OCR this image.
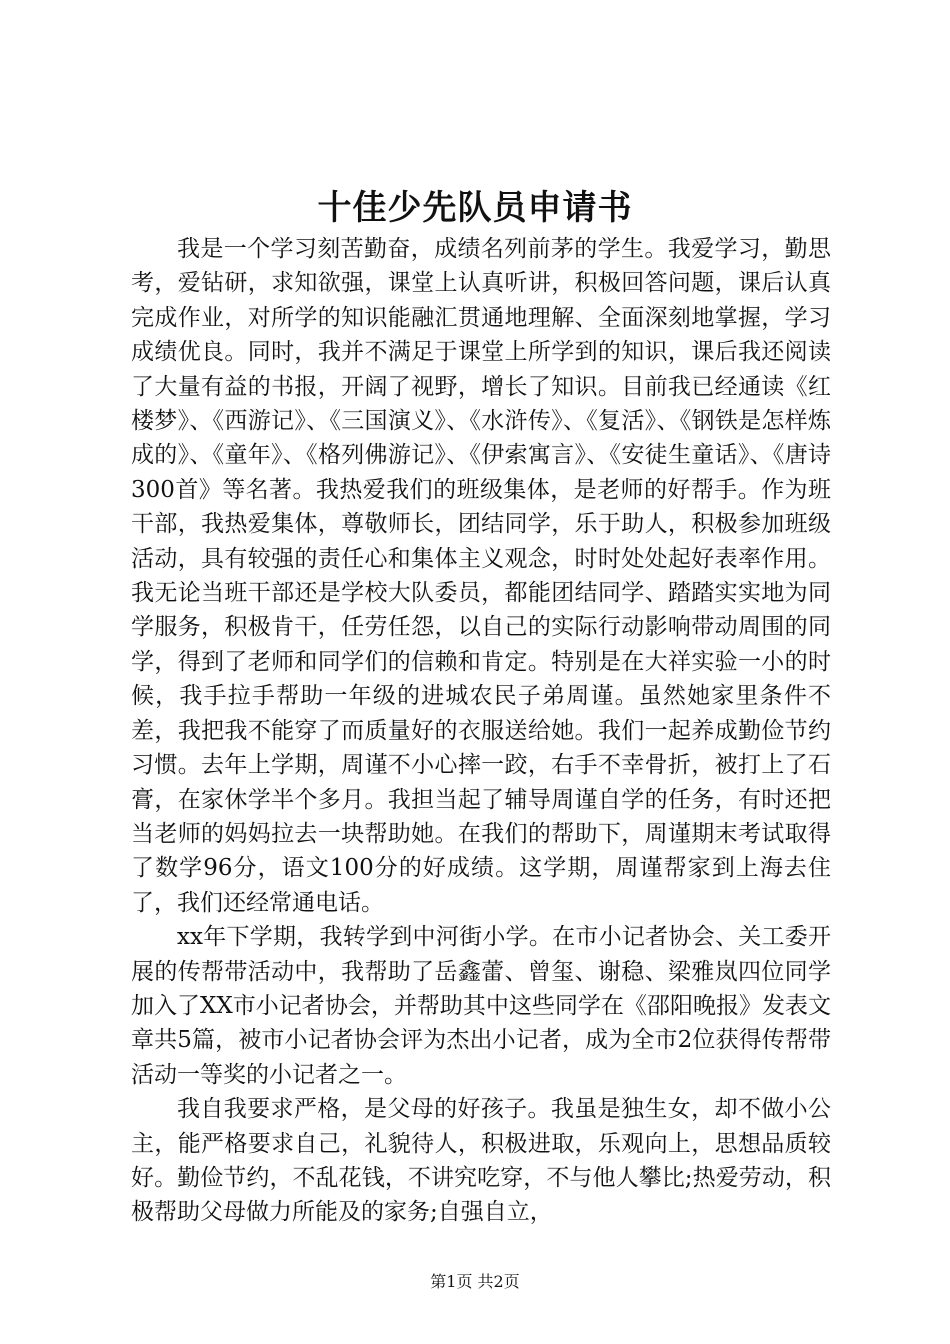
十佳少先队员申请书

我是一个学习刻苦勤奋，成绩名列前茅的学生。我爱学习，勤思考，爱钻研，求知欲强，课堂上认真听讲，积极回答问题，课后认真完成作业，对所学的知识能融汇贯通地理解、全面深刻地掌握，学习成绩优良。同时，我并不满足于课堂上所学到的知识，课后我还阅读了大量有益的书报，开阔了视野，增长了知识。目前我已经通读《红楼梦》、《西游记》、《三国演义》、《水浒传》、《复活》、《钢铁是怎样炼成的》、《童年》、《格列佛游记》、《伊索寓言》、《安徒生童话》、《唐诗300首》等名著。我热爱我们的班级集体，是老师的好帮手。作为班干部，我热爱集体，尊敬师长，团结同学，乐于助人，积极参加班级活动，具有较强的责任心和集体主义观念，时时处处起好表率作用。我无论当班干部还是学校大队委员，都能团结同学、踏踏实实地为同学服务，积极肯干，任劳任怨，以自己的实际行动影响带动周围的同学，得到了老师和同学们的信赖和肯定。特别是在大祥实验一小的时候，我手拉手帮助一年级的进城农民子弟周谨。虽然她家里条件不差，我把我不能穿了而质量好的衣服送给她。我们一起养成勤俭节约习惯。去年上学期，周谨不小心摔一跤，右手不幸骨折，被打上了石膏，在家休学半个多月。我担当起了辅导周谨自学的任务，有时还把当老师的妈妈拉去一块帮助她。在我们的帮助下，周谨期末考试取得了数学96分，语文100分的好成绩。这学期，周谨帮家到上海去住了，我们还经常通电话。

xx年下学期，我转学到中河街小学。在市小记者协会、关工委开展的传帮带活动中，我帮助了岳鑫蕾、曾玺、谢稳、梁雅岚四位同学加入了XX市小记者协会，并帮助其中这些同学在《邵阳晚报》发表文章共5篇，被市小记者协会评为杰出小记者，成为全市2位获得传帮带活动一等奖的小记者之一。

我自我要求严格，是父母的好孩子。我虽是独生女，却不做小公主，能严格要求自己，礼貌待人，积极进取，乐观向上，思想品质较好。勤俭节约，不乱花钱，不讲究吃穿，不与他人攀比;热爱劳动，积极帮助父母做力所能及的家务;自强自立，

第1页 共2页
